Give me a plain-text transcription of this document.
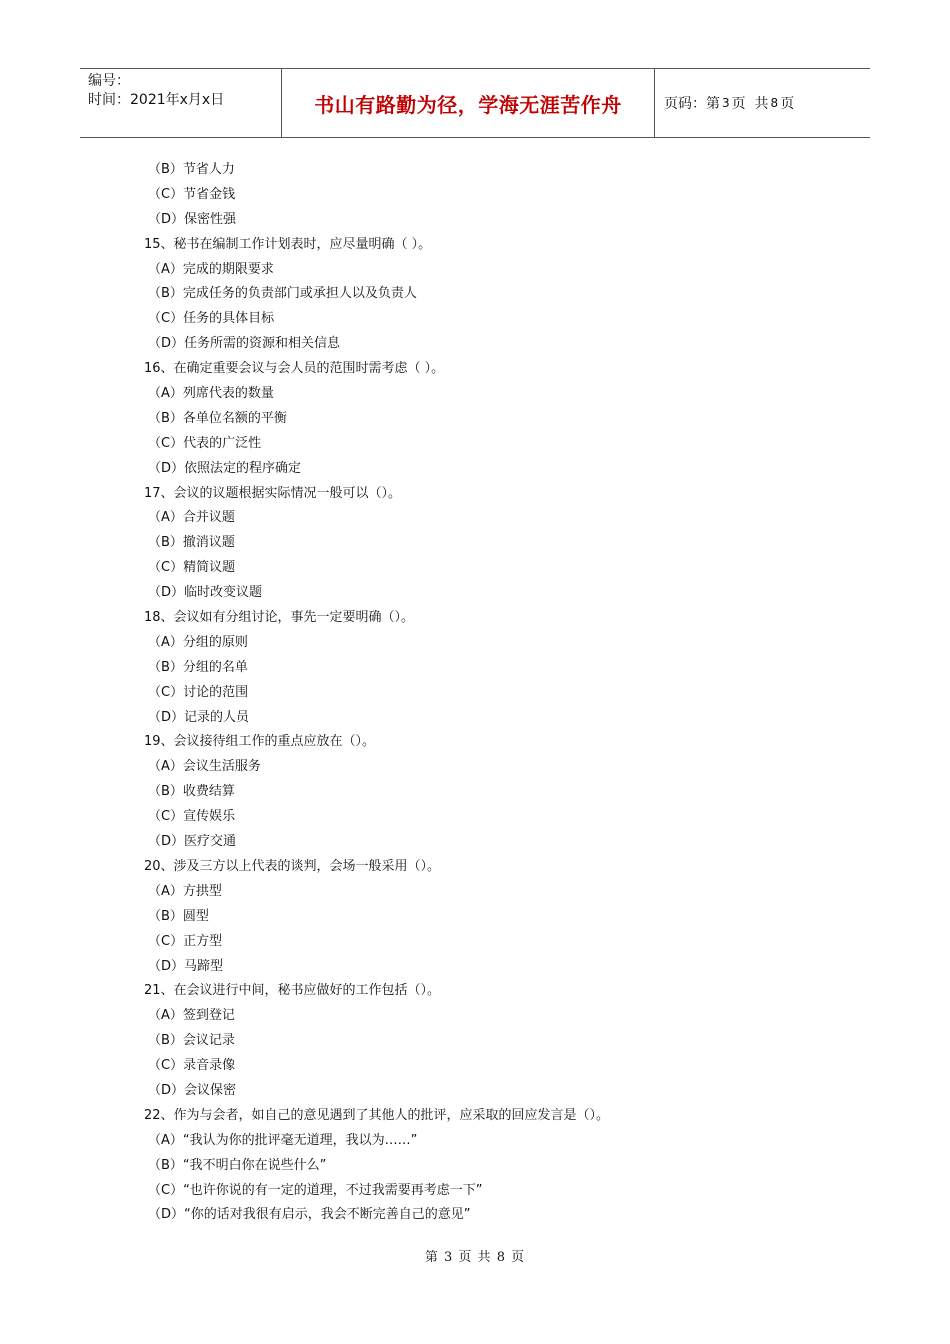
编号：
时间：2021年x月x日	书山有路勤为径，学海无涯苦作舟	页码：第 3 页  共 8 页
（B）节省人力
（C）节省金钱
（D）保密性强
15、秘书在编制工作计划表时，应尽量明确（ ）。
（A）完成的期限要求
（B）完成任务的负责部门或承担人以及负责人
（C）任务的具体目标
（D）任务所需的资源和相关信息
16、在确定重要会议与会人员的范围时需考虑（ ）。
（A）列席代表的数量
（B）各单位名额的平衡
（C）代表的广泛性
（D）依照法定的程序确定
17、会议的议题根据实际情况一般可以（）。
（A）合并议题
（B）撤消议题
（C）精简议题
（D）临时改变议题
18、会议如有分组讨论，事先一定要明确（）。
（A）分组的原则
（B）分组的名单
（C）讨论的范围
（D）记录的人员
19、会议接待组工作的重点应放在（）。
（A）会议生活服务
（B）收费结算
（C）宣传娱乐
（D）医疗交通
20、涉及三方以上代表的谈判，会场一般采用（）。
（A）方拱型
（B）圆型
（C）正方型
（D）马蹄型
21、在会议进行中间，秘书应做好的工作包括（）。
（A）签到登记
（B）会议记录
（C）录音录像
（D）会议保密
22、作为与会者，如自己的意见遇到了其他人的批评，应采取的回应发言是（）。
（A）“我认为你的批评毫无道理，我以为……”
（B）“我不明白你在说些什么”
（C）“也许你说的有一定的道理，不过我需要再考虑一下”
（D）“你的话对我很有启示，我会不断完善自己的意见”
第 3 页 共 8 页
